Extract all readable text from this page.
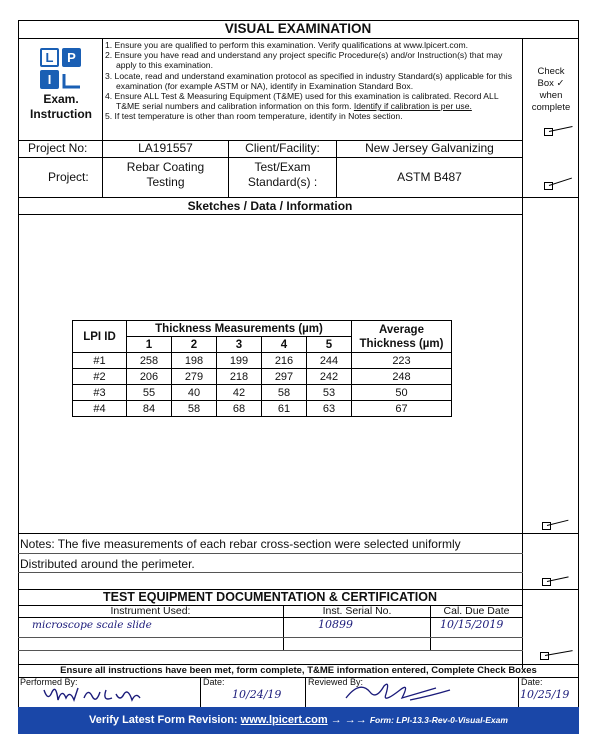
VISUAL EXAMINATION
L	P
I
Exam.
Instruction
1. Ensure you are qualified to perform this examination. Verify qualifications at www.lpicert.com.
2. Ensure you have read and understand any project specific Procedure(s) and/or Instruction(s) that may apply to this examination.
3. Locate, read and understand examination protocol as specified in industry Standard(s) applicable for this examination (for example ASTM or NA), identify in Examination Standard Box.
4. Ensure ALL Test & Measuring Equipment (T&ME) used for this examination is calibrated. Record ALL T&ME serial numbers and calibration information on this form. Identify if calibration is per use.
5. If test temperature is other than room temperature, identify in Notes section.
Check
Box ✓
when
complete
Project No:	LA191557	Client/Facility:	New Jersey Galvanizing
Project:
Rebar Coating
Testing
Test/Exam
Standard(s) :	ASTM B487
Sketches / Data / Information
LPI ID	Thickness Measurements (µm)					Average
Thickness (µm)

	1	2	3	4	5	
#1	258	198	199	216	244	223
#2	206	279	218	297	242	248
#3	55	40	42	58	53	50
#4	84	58	68	61	63	67
Notes: The five measurements of each rebar cross-section were selected uniformly
Distributed around the perimeter.
TEST EQUIPMENT DOCUMENTATION & CERTIFICATION
Instrument Used:	Inst. Serial No.	Cal. Due Date
microscope scale slide	10899	10/15/2019
Ensure all instructions have been met, form complete, T&ME information entered, Complete Check Boxes
Performed By:	Date:
10/24/19
Reviewed By:	Date:
10/25/19
Verify Latest Form Revision: www.lpicert.com → →→ Form: LPI-13.3-Rev-0-Visual-Exam
